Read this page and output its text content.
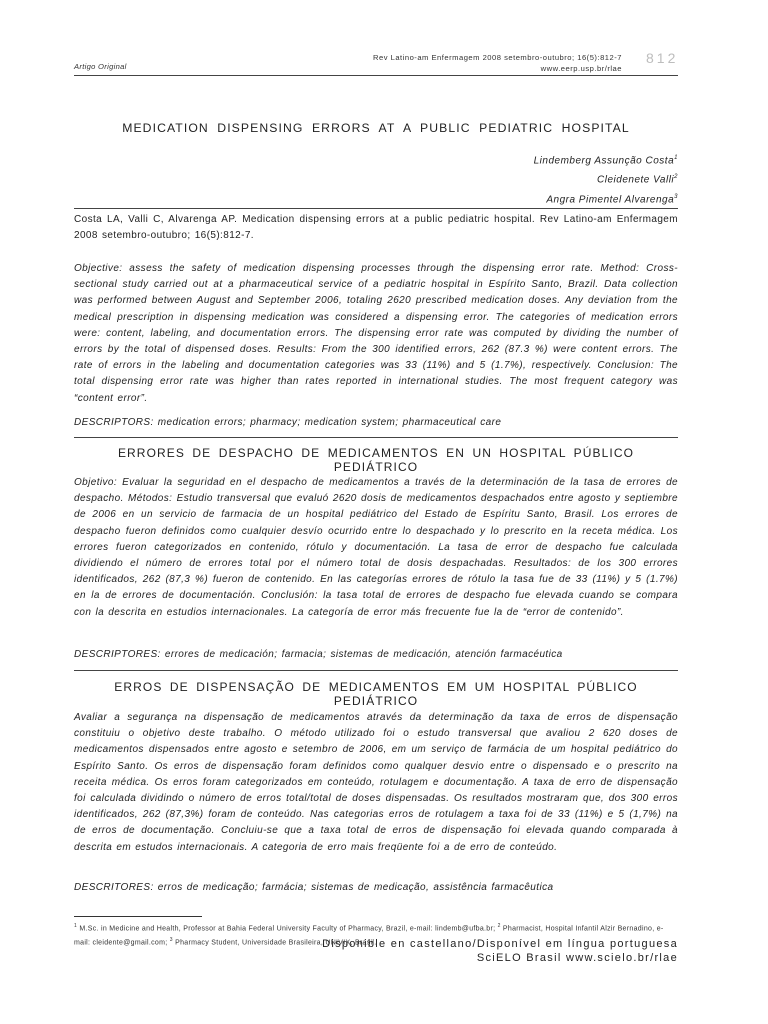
Rev Latino-am Enfermagem 2008 setembro-outubro; 16(5):812-7
www.eerp.usp.br/rlae
812
Artigo Original
MEDICATION DISPENSING ERRORS AT A PUBLIC PEDIATRIC HOSPITAL
Lindemberg Assunção Costa$^1$
Cleidenete Valli$^2$
Angra Pimentel Alvarenga$^3$
Costa LA, Valli C, Alvarenga AP. Medication dispensing errors at a public pediatric hospital. Rev Latino-am Enfermagem 2008 setembro-outubro; 16(5):812-7.
Objective: assess the safety of medication dispensing processes through the dispensing error rate. Method: Cross-sectional study carried out at a pharmaceutical service of a pediatric hospital in Espírito Santo, Brazil. Data collection was performed between August and September 2006, totaling 2620 prescribed medication doses. Any deviation from the medical prescription in dispensing medication was considered a dispensing error. The categories of medication errors were: content, labeling, and documentation errors. The dispensing error rate was computed by dividing the number of errors by the total of dispensed doses. Results: From the 300 identified errors, 262 (87.3 %) were content errors. The rate of errors in the labeling and documentation categories was 33 (11%) and 5 (1.7%), respectively. Conclusion: The total dispensing error rate was higher than rates reported in international studies. The most frequent category was “content error”.
DESCRIPTORS: medication errors; pharmacy; medication system; pharmaceutical care
ERRORES DE DESPACHO DE MEDICAMENTOS EN UN HOSPITAL PÚBLICO PEDIÁTRICO
Objetivo: Evaluar la seguridad en el despacho de medicamentos a través de la determinación de la tasa de errores de despacho. Métodos: Estudio transversal que evaluó 2620 dosis de medicamentos despachados entre agosto y septiembre de 2006 en un servicio de farmacia de un hospital pediátrico del Estado de Espíritu Santo, Brasil. Los errores de despacho fueron definidos como cualquier desvío ocurrido entre lo despachado y lo prescrito en la receta médica. Los errores fueron categorizados en contenido, rótulo y documentación. La tasa de error de despacho fue calculada dividiendo el número de errores total por el número total de dosis despachadas. Resultados: de los 300 errores identificados, 262 (87,3 %) fueron de contenido. En las categorías errores de rótulo la tasa fue de 33 (11%) y 5 (1.7%) en la de errores de documentación. Conclusión: la tasa total de errores de despacho fue elevada cuando se compara con la descrita en estudios internacionales. La categoría de error más frecuente fue la de “error de contenido”.
DESCRIPTORES: errores de medicación; farmacia; sistemas de medicación, atención farmacéutica
ERROS DE DISPENSAÇÃO DE MEDICAMENTOS EM UM HOSPITAL PÚBLICO PEDIÁTRICO
Avaliar a segurança na dispensação de medicamentos através da determinação da taxa de erros de dispensação constituiu o objetivo deste trabalho. O método utilizado foi o estudo transversal que avaliou 2 620 doses de medicamentos dispensados entre agosto e setembro de 2006, em um serviço de farmácia de um hospital pediátrico do Espírito Santo. Os erros de dispensação foram definidos como qualquer desvio entre o dispensado e o prescrito na receita médica. Os erros foram categorizados em conteúdo, rotulagem e documentação. A taxa de erro de dispensação foi calculada dividindo o número de erros total/total de doses dispensadas. Os resultados mostraram que, dos 300 erros identificados, 262 (87,3%) foram de conteúdo. Nas categorias erros de rotulagem a taxa foi de 33 (11%) e 5 (1,7%) na de erros de documentação. Concluiu-se que a taxa total de erros de dispensação foi elevada quando comparada à descrita em estudos internacionais. A categoria de erro mais freqüente foi a de erro de conteúdo.
DESCRITORES: erros de medicação; farmácia; sistemas de medicação, assistência farmacêutica
$^1$ M.Sc. in Medicine and Health, Professor at Bahia Federal University Faculty of Pharmacy, Brazil, e-mail: lindemb@ufba.br; $^2$ Pharmacist, Hospital Infantil Alzir Bernadino, e-mail: cleidente@gmail.com; $^3$ Pharmacy Student, Universidade Brasileira, UNIVIX, Brasil.
Disponible en castellano/Disponível em língua portuguesa
SciELO Brasil www.scielo.br/rlae
